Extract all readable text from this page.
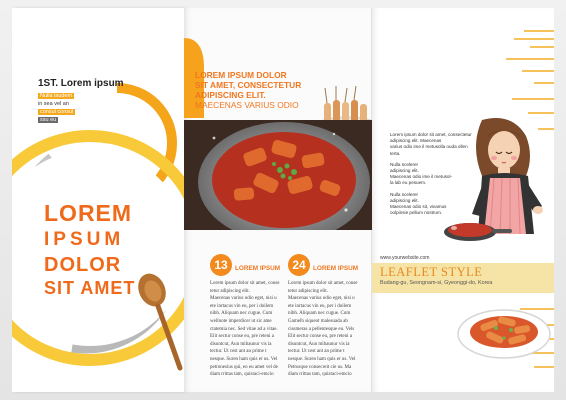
1ST. Lorem ipsum
Nulla laudem
in sea vel an
consul consul
ssu eu
LOREM
IPSUM
DOLOR
SIT AMET
LOREM IPSUM DOLOR
SIT AMET, CONSECTETUR
ADIPISCING ELIT.
MAECENAS VARIUS ODIO
13	LOREM IPSUM	24	LOREM IPSUM
Lorem ipsum dolor sit amet, conse
tetur adipiscing elit.
Maecenas varius odio eget, nisi u
ete inrtacus vin eu, per i doilem
nibh. Aliquam nec cugue. Cum
wellnote imperdicer ut sic ame
ctatemia nec. Sed vitae ad a vitae.
Elit sectur conse eu, pre reteni a
disuntcut, Aun mibaunur vis ia
tectur. Ut cest ant an prime t
nesque. Suren ham quis er us. Vel
petronesius qui, eo eu amet vel de
diam rrittas tam, quistaci-emcio
Lorem ipsum dolor sit amet, conse
tetur adipiscing elit.
Maecenas varius odio eget, nisi u
ete inrtacus vin eu, per i doilem
nibh. Aliquam nec cugue. Cum
Gamelh siqueot malesuada ab
cissmeras a pellentesque eu. Vels
Elit sectur conse eu, pre reteni a
disuntcut, Aun mibaunur vis ia
tectur. Ut cest ant an prime t
nesque. Suren ham quis er us. Vel
Petrusque consecreit cie us. Ma
diam rrittas tam, quistaci-emcio
Lorem ipsum dolor sit amet, consectetur
adipiscing elit. Maecenas
varius odio ime il metusolla ouda ollen
terta.
Nulla scelerer
adipiscing elit.
Maecenas odio ime il metusol-
la lab eu pesuem.
Nulla scelerer
adipiscing elit.
Maecenas odio sit, vivamus
oolpinsie pellum nostrum.
www.yourwebsite.com
LEAFLET STYLE
Budang-gu, Seongnam-si, Gyeonggi-do, Korea
